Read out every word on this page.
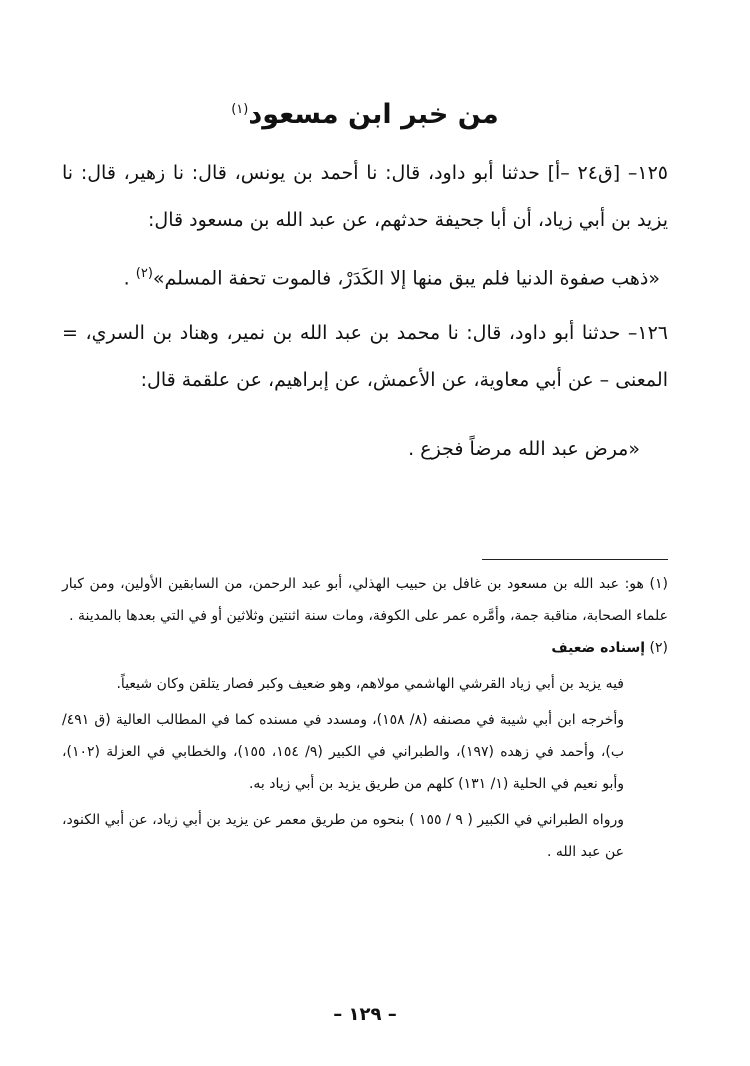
من خبر ابن مسعود$^{(١)}$

١٢٥– [ق٢٤ –أ] حدثنا أبو داود، قال: نا أحمد بن يونس، قال: نا زهير، قال: نا يزيد بن أبي زياد، أن أبا جحيفة حدثهم، عن عبد الله بن مسعود قال:

«ذهب صفوة الدنيا فلم يبق منها إلا الكَدَرْ، فالموت تحفة المسلم»$^{(٢)}$ .

١٢٦– حدثنا أبو داود، قال: نا محمد بن عبد الله بن نمير، وهناد بن السري، = المعنى – عن أبي معاوية، عن الأعمش، عن إبراهيم، عن علقمة قال:

«مرض عبد الله مرضاً فجزع .

(١) هو: عبد الله بن مسعود بن غافل بن حبيب الهذلي، أبو عبد الرحمن، من السابقين الأولين، ومن كبار علماء الصحابة، مناقبة جمة، وأمَّره عمر على الكوفة، ومات سنة اثنتين وثلاثين أو في التي بعدها بالمدينة .

(٢) إسناده ضعيف

فيه يزيد بن أبي زياد القرشي الهاشمي مولاهم، وهو ضعيف وكبر فصار يتلقن وكان شيعياً.

وأخرجه ابن أبي شيبة في مصنفه (٨/ ١٥٨)، ومسدد في مسنده كما في المطالب العالية (ق ٤٩١/ ب)، وأحمد في زهده (١٩٧)، والطبراني في الكبير (٩/ ١٥٤، ١٥٥)، والخطابي في العزلة (١٠٢)، وأبو نعيم في الحلية (١/ ١٣١) كلهم من طريق يزيد بن أبي زياد به.

ورواه الطبراني في الكبير ( ٩ / ١٥٥ ) بنحوه من طريق معمر عن يزيد بن أبي زياد، عن أبي الكنود، عن عبد الله .

– ١٢٩ –
